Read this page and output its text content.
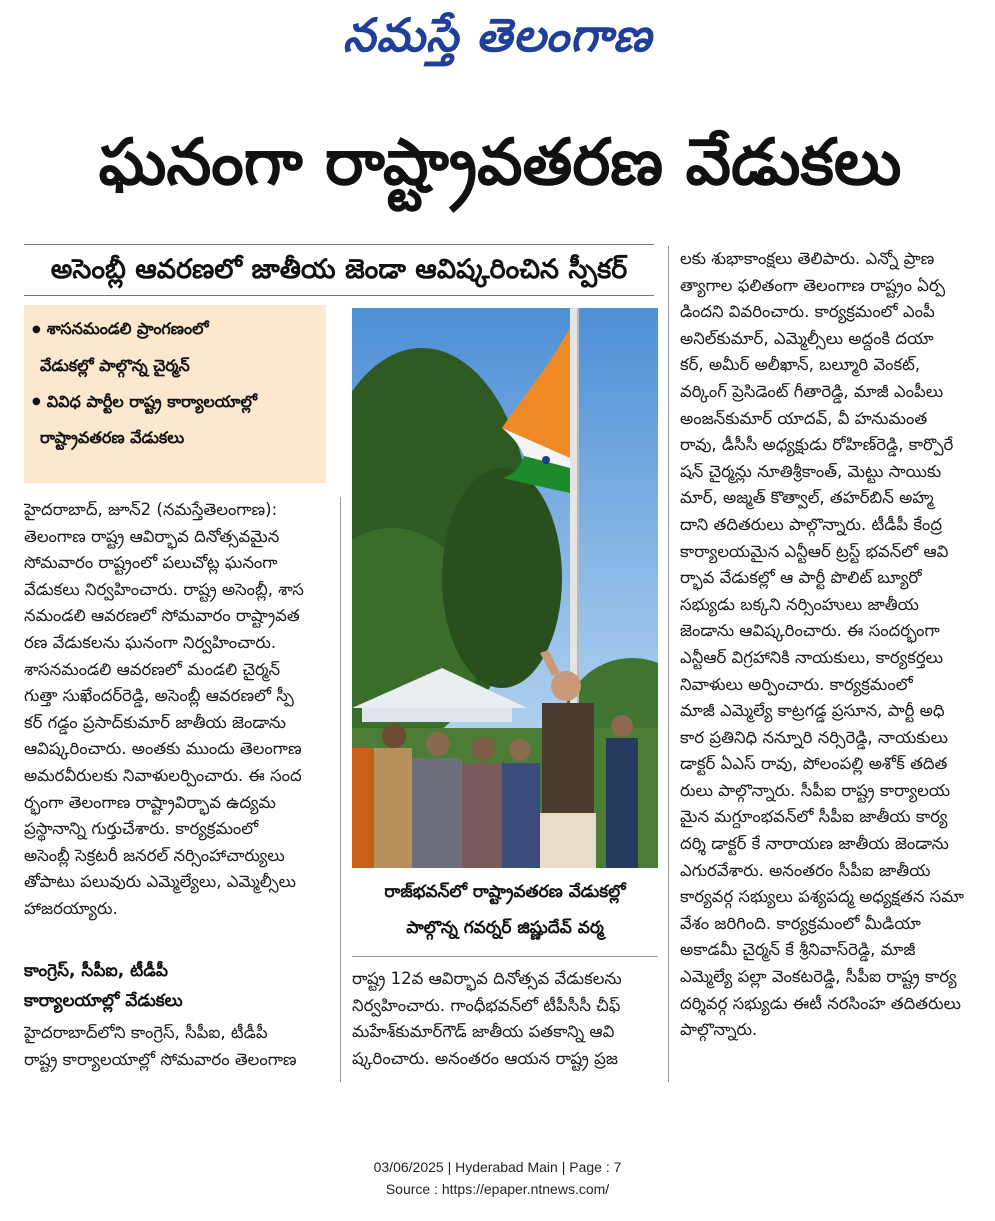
నమస్తే తెలంగాణ
ఘనంగా రాష్ట్రావతరణ వేడుకలు
అసెంబ్లీ ఆవరణలో జాతీయ జెండా ఆవిష్కరించిన స్పీకర్
● శాసనమండలి ప్రాంగణంలో
వేడుకల్లో పాల్గొన్న చైర్మన్
● వివిధ పార్టీల రాష్ట్ర కార్యాలయాల్లో
రాష్ట్రావతరణ వేడుకలు
హైదరాబాద్, జూన్2 (నమస్తేతెలంగాణ):
తెలంగాణ రాష్ట్ర ఆవిర్భావ దినోత్సవమైన
సోమవారం రాష్ట్రంలో పలుచోట్ల ఘనంగా
వేడుకలు నిర్వహించారు. రాష్ట్ర అసెంబ్లీ, శాస
నమండలి ఆవరణలో సోమవారం రాష్ట్రావత
రణ వేడుకలను ఘనంగా నిర్వహించారు.
శాసనమండలి ఆవరణలో మండలి చైర్మన్
గుత్తా సుఖేందర్‌రెడ్డి, అసెంబ్లీ ఆవరణలో స్పీ
కర్ గడ్డం ప్రసాద్‌కుమార్ జాతీయ జెండాను
ఆవిష్కరించారు. అంతకు ముందు తెలంగాణ
అమరవీరులకు నివాళులర్పించారు. ఈ సంద
ర్భంగా తెలంగాణ రాష్ట్రావిర్భావ ఉద్యమ
ప్రస్థానాన్ని గుర్తుచేశారు. కార్యక్రమంలో
అసెంబ్లీ సెక్రటరీ జనరల్ నర్సింహాచార్యులు
తోపాటు పలువురు ఎమ్మెల్యేలు, ఎమ్మెల్సీలు
హాజరయ్యారు.
కాంగ్రెస్, సీపీఐ, టీడీపీ
కార్యాలయాల్లో వేడుకలు
హైదరాబాద్‌లోని కాంగ్రెస్, సీపీఐ, టీడీపీ
రాష్ట్ర కార్యాలయాల్లో సోమవారం తెలంగాణ
రాజ్‌భవన్‌లో రాష్ట్రావతరణ వేడుకల్లో
పాల్గొన్న గవర్నర్ జిష్ణుదేవ్ వర్మ
రాష్ట్ర 12వ ఆవిర్భావ దినోత్సవ వేడుకలను
నిర్వహించారు. గాంధీభవన్‌లో టీపీసీసీ చీఫ్
మహేశ్‌కుమార్‌గౌడ్ జాతీయ పతకాన్ని ఆవి
ష్కరించారు. అనంతరం ఆయన రాష్ట్ర ప్రజ
లకు శుభాకాంక్షలు తెలిపారు. ఎన్నో ప్రాణ
త్యాగాల ఫలితంగా తెలంగాణ రాష్ట్రం ఏర్ప
డిందని వివరించారు. కార్యక్రమంలో ఎంపీ
అనిల్‌కుమార్, ఎమ్మెల్సీలు అద్దంకి దయా
కర్, అమీర్ అలీఖాన్, బల్మూరి వెంకట్,
వర్కింగ్ ప్రెసిడెంట్ గీతారెడ్డి, మాజీ ఎంపీలు
అంజన్‌కుమార్ యాదవ్, వీ హనుమంత
రావు, డీసీసీ అధ్యక్షుడు రోహిణ్‌రెడ్డి, కార్పొరే
షన్ చైర్మన్లు నూతిశ్రీకాంత్, మెట్టు సాయికు
మార్, అజ్మత్ కొత్వాల్, తహర్‌బిన్ అహ్మ
దాని తదితరులు పాల్గొన్నారు. టీడీపీ కేంద్ర
కార్యాలయమైన ఎన్టీఆర్ ట్రస్ట్ భవన్‌లో ఆవి
ర్భావ వేడుకల్లో ఆ పార్టీ పొలిట్ బ్యూరో
సభ్యుడు బక్కని నర్సింహులు జాతీయ
జెండాను ఆవిష్కరించారు. ఈ సందర్భంగా
ఎన్టీఆర్ విగ్రహానికి నాయకులు, కార్యకర్తలు
నివాళులు అర్పించారు. కార్యక్రమంలో
మాజీ ఎమ్మెల్యే కాట్రగడ్డ ప్రసూన, పార్టీ అధి
కార ప్రతినిధి నన్నూరి నర్సిరెడ్డి, నాయకులు
డాక్టర్ ఏఎస్ రావు, పోలంపల్లి అశోక్ తదిత
రులు పాల్గొన్నారు. సీపీఐ రాష్ట్ర కార్యాలయ
మైన మగ్దూంభవన్‌లో సీపీఐ జాతీయ కార్య
దర్శి డాక్టర్ కే నారాయణ జాతీయ జెండాను
ఎగురవేశారు. అనంతరం సీపీఐ జాతీయ
కార్యవర్గ సభ్యులు పశ్యపద్మ అధ్యక్షతన సమా
వేశం జరిగింది. కార్యక్రమంలో మీడియా
అకాడమీ చైర్మన్ కే శ్రీనివాస్‌రెడ్డి, మాజీ
ఎమ్మెల్యే పల్లా వెంకటరెడ్డి, సీపీఐ రాష్ట్ర కార్య
దర్శివర్గ సభ్యుడు ఈటీ నరసింహ తదితరులు
పాల్గొన్నారు.
03/06/2025 | Hyderabad Main | Page : 7
Source : https://epaper.ntnews.com/
